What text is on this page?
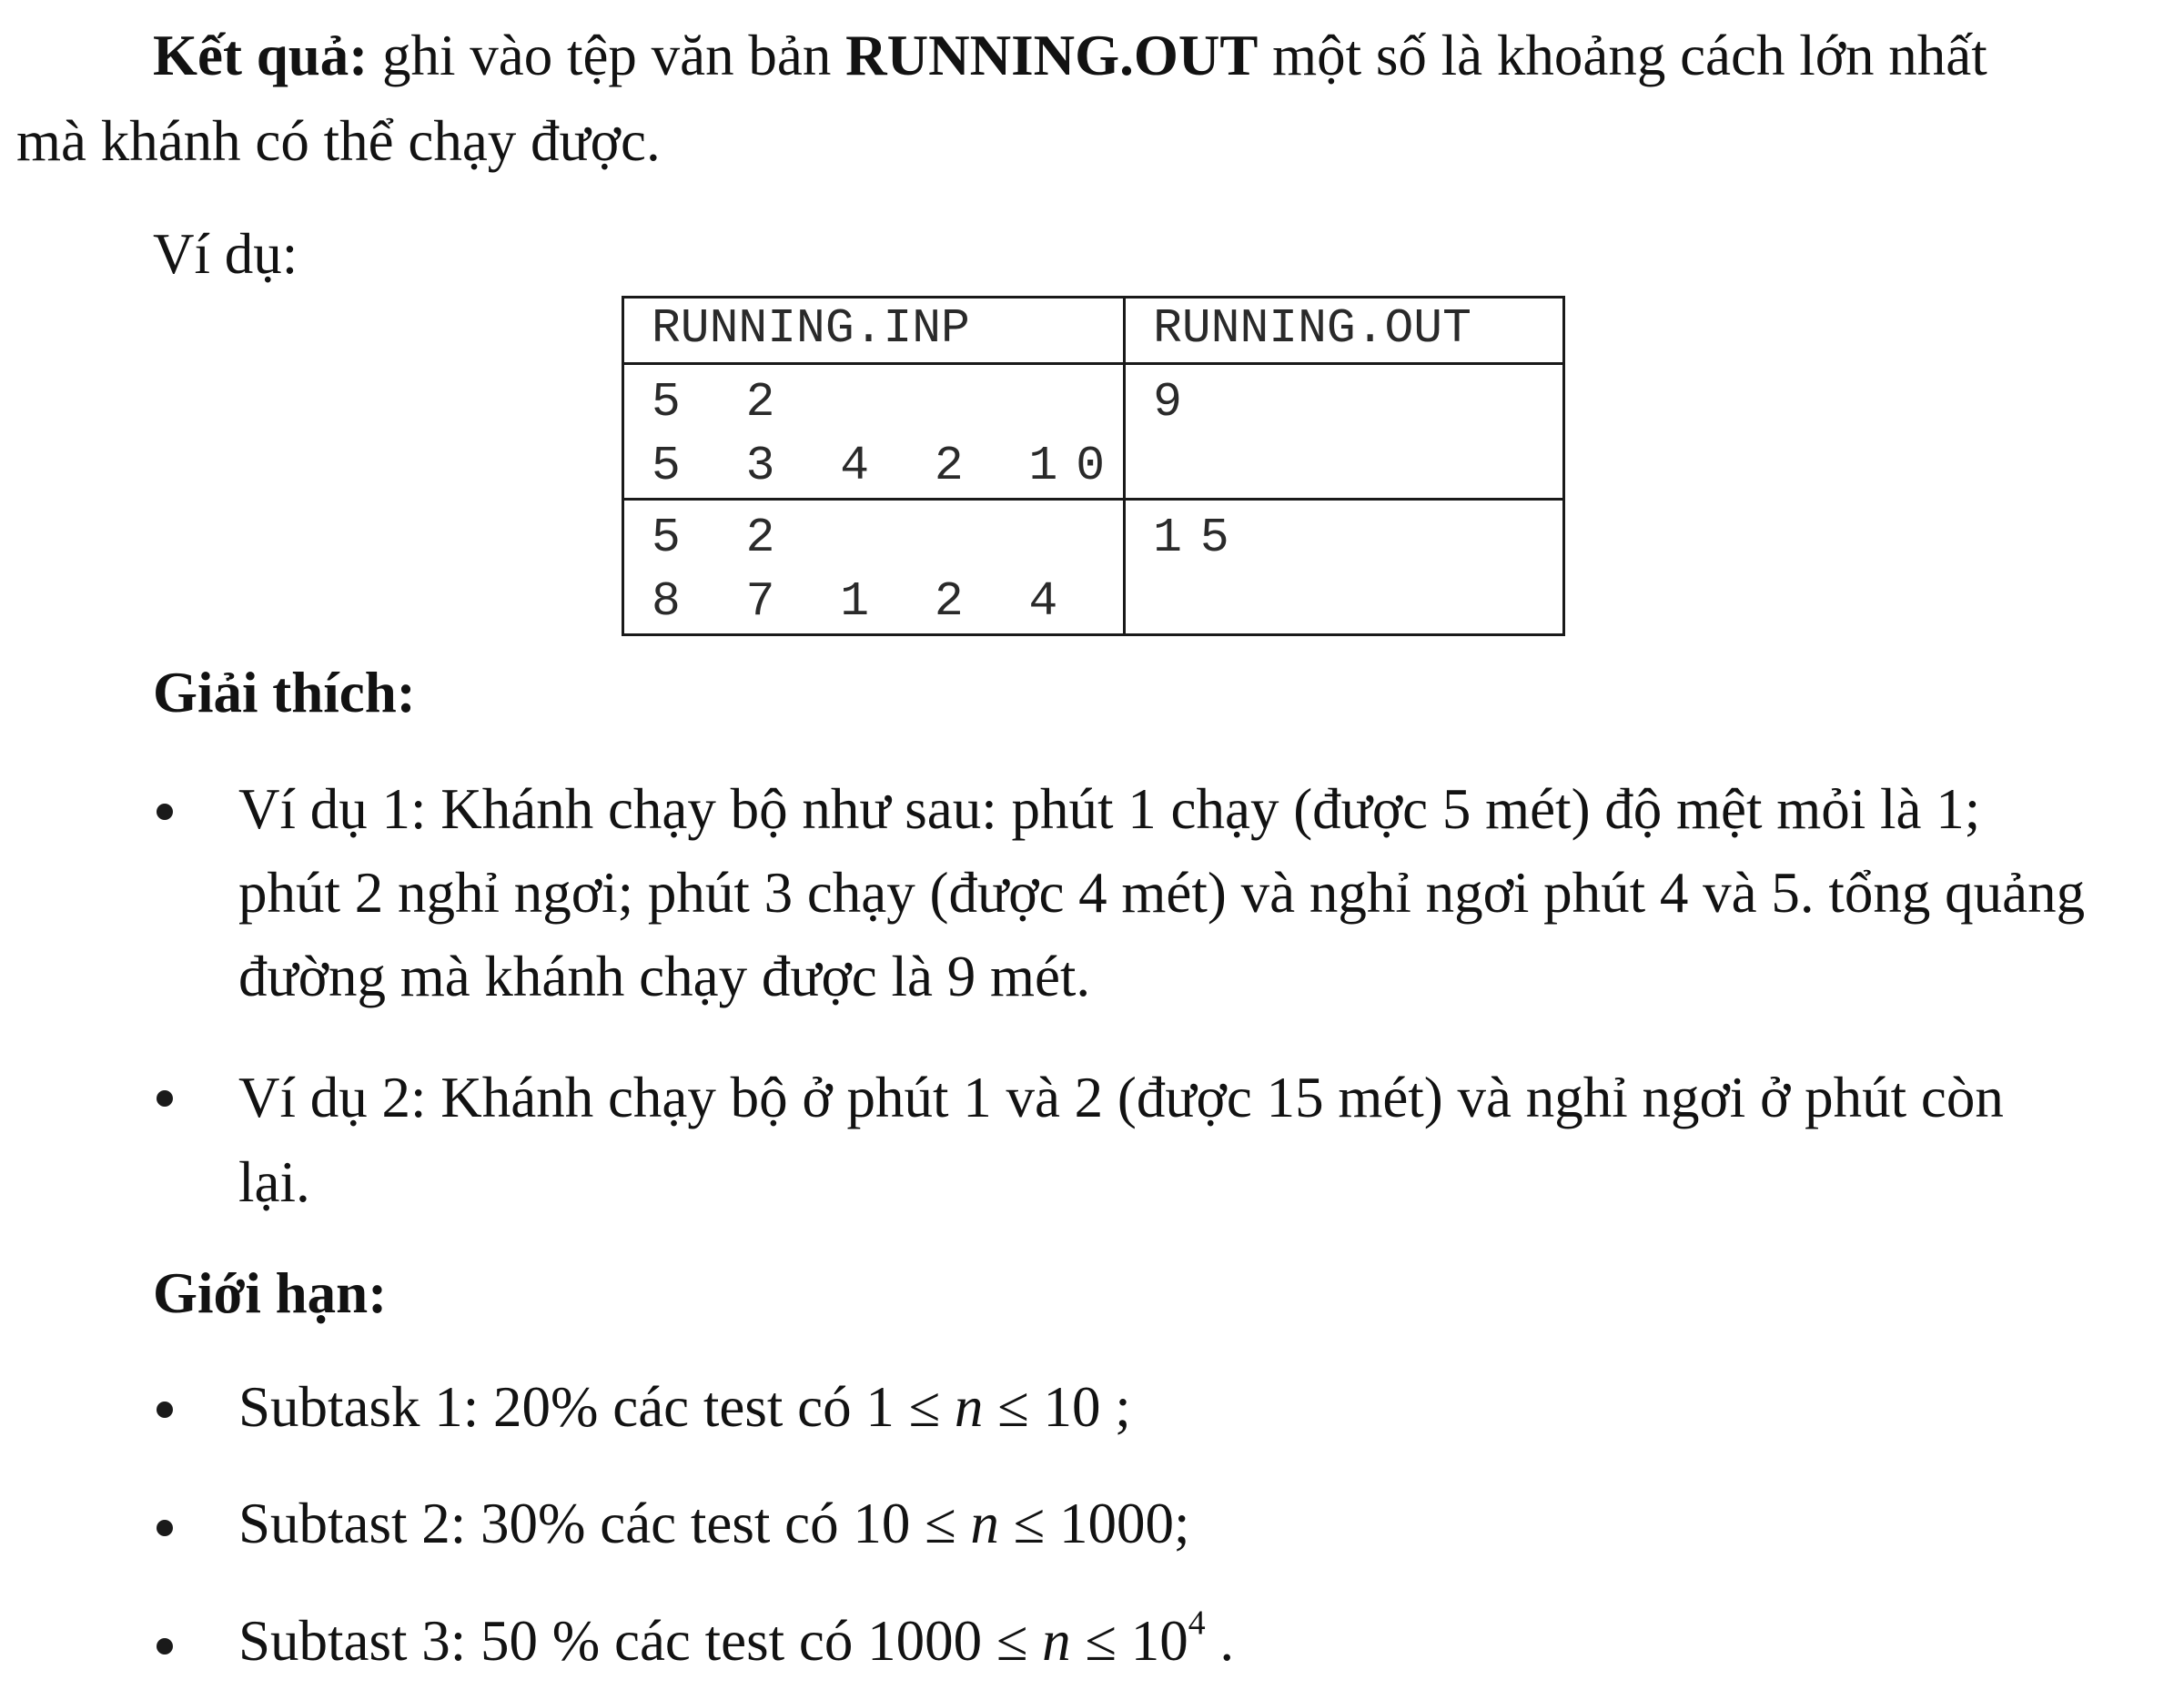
Kết quả: ghi vào tệp văn bản RUNNING.OUT một số là khoảng cách lớn nhất
mà khánh có thể chạy được.
Ví dụ:
RUNNING.INP	RUNNING.OUT

5 2
5 3 4 2 10	9

5 2
8 7 1 2 4	15
Giải thích:
Ví dụ 1: Khánh chạy bộ như sau: phút 1 chạy (được 5 mét) độ mệt mỏi là 1;
phút 2 nghỉ ngơi; phút 3 chạy (được 4 mét) và nghỉ ngơi phút 4 và 5. tổng quảng
đường mà khánh chạy được là 9 mét.
Ví dụ 2: Khánh chạy bộ ở phút 1 và 2 (được 15 mét) và nghỉ ngơi ở phút còn
lại.
Giới hạn:
Subtask 1: 20% các test có 1 ≤ n ≤ 10 ;
Subtast 2: 30% các test có 10 ≤ n ≤ 1000;
Subtast 3: 50 % các test có $1000 \le n \le 10^4$ .
